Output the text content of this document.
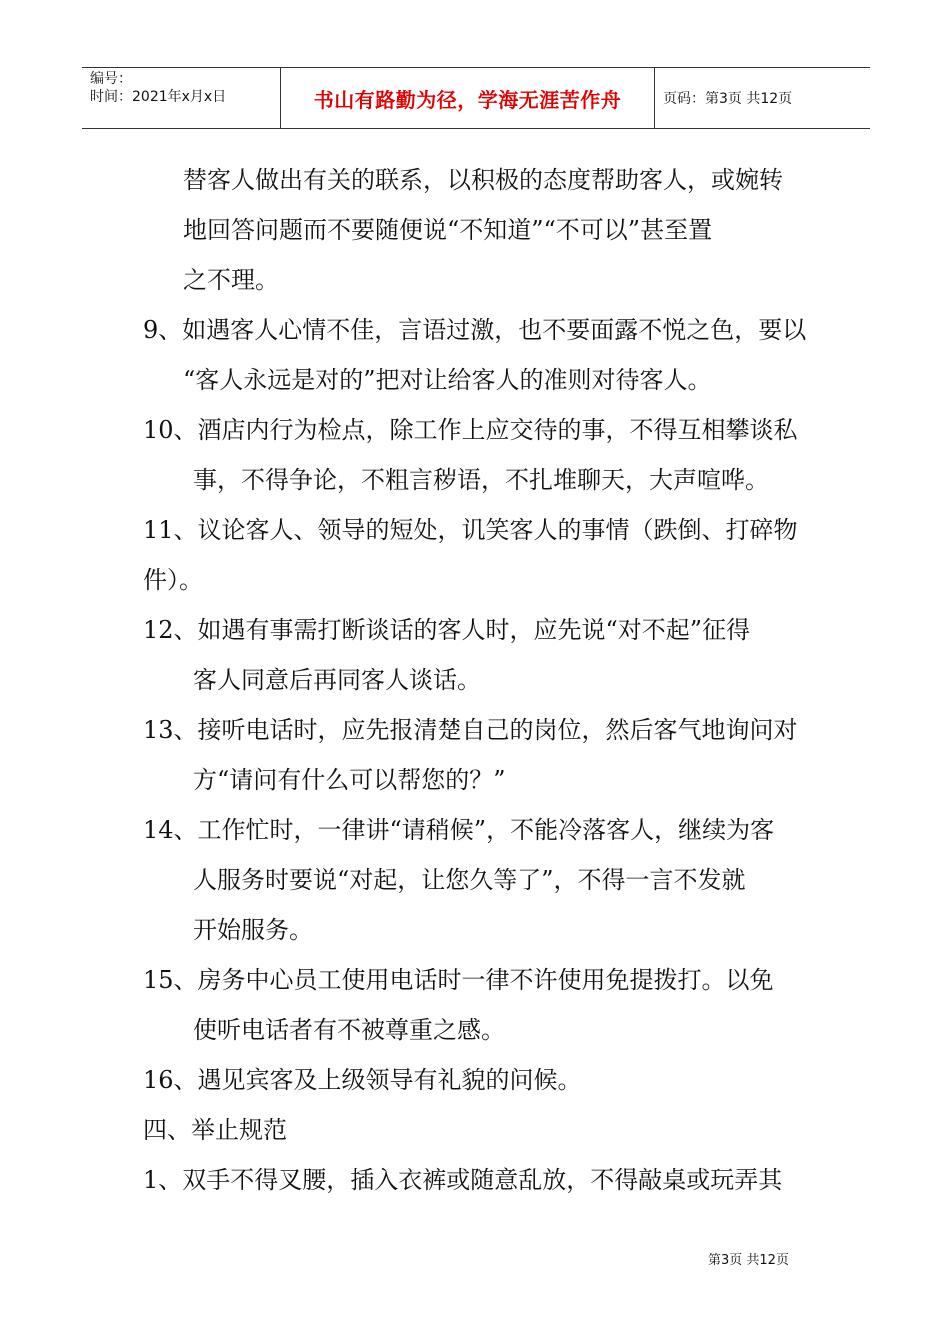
编号：
时间：2021年x月x日	书山有路勤为径，学海无涯苦作舟	页码：第3页 共12页
替客人做出有关的联系，以积极的态度帮助客人，或婉转
地回答问题而不要随便说“不知道”“不可以”甚至置
之不理。
9、如遇客人心情不佳，言语过激，也不要面露不悦之色，要以
“客人永远是对的”把对让给客人的准则对待客人。
10、酒店内行为检点，除工作上应交待的事，不得互相攀谈私
事，不得争论，不粗言秽语，不扎堆聊天，大声喧哗。
11、议论客人、领导的短处，讥笑客人的事情（跌倒、打碎物
件）。
12、如遇有事需打断谈话的客人时，应先说“对不起”征得
客人同意后再同客人谈话。
13、接听电话时，应先报清楚自己的岗位，然后客气地询问对
方“请问有什么可以帮您的？”
14、工作忙时，一律讲“请稍候”，不能冷落客人，继续为客
人服务时要说“对起，让您久等了”，不得一言不发就
开始服务。
15、房务中心员工使用电话时一律不许使用免提拨打。以免
使听电话者有不被尊重之感。
16、遇见宾客及上级领导有礼貌的问候。
四、举止规范
1、双手不得叉腰，插入衣裤或随意乱放，不得敲桌或玩弄其
第3页 共12页
